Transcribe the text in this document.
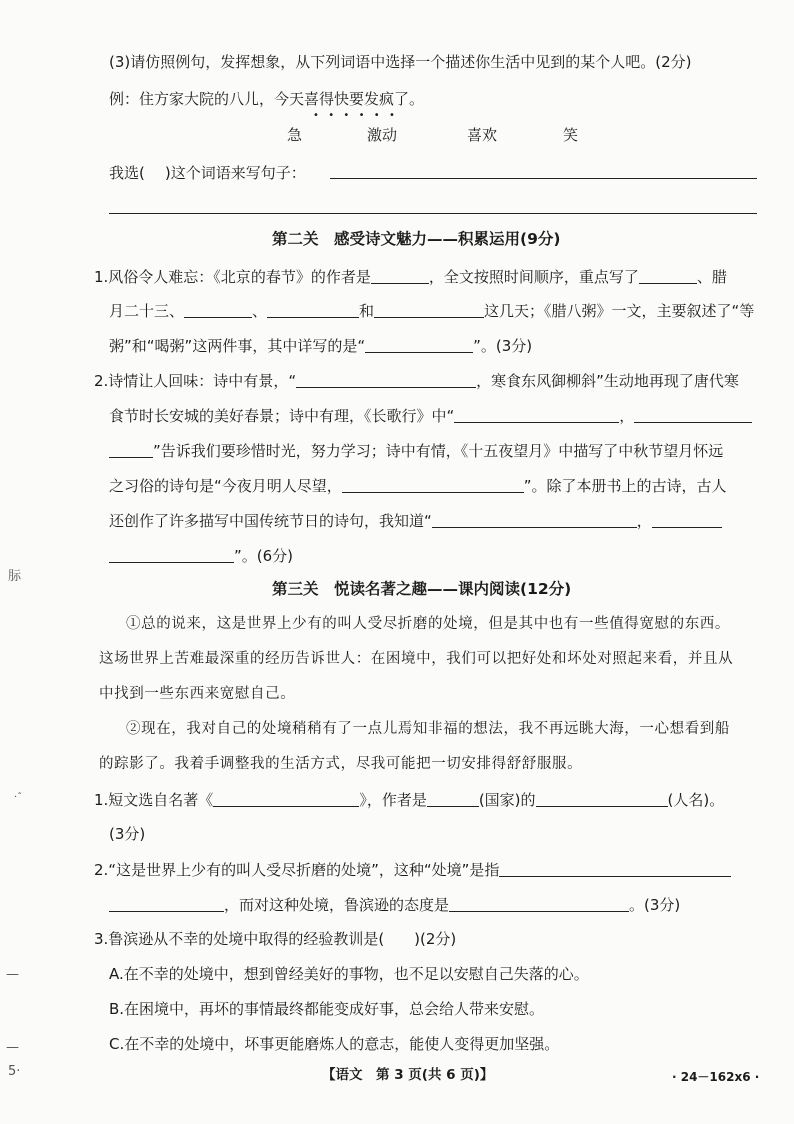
(3)请仿照例句，发挥想象，从下列词语中选择一个描述你生活中见到的某个人吧。(2分)
例：住方家大院的八儿，今天喜得快要发疯了。
••••••
急	激动	喜欢	笑
我选( )这个词语来写句子：
第二关　感受诗文魅力——积累运用(9分)
1.风俗令人难忘：《北京的春节》的作者是	，全文按照时间顺序，重点写了	、腊
月二十三、	、	和	这几天；《腊八粥》一文，主要叙述了“等
粥”和“喝粥”这两件事，其中详写的是“	”。(3分)
2.诗情让人回味：诗中有景，“	，寒食东风御柳斜”生动地再现了唐代寒
食节时长安城的美好春景；诗中有理，《长歌行》中“	，
”告诉我们要珍惜时光，努力学习；诗中有情，《十五夜望月》中描写了中秋节望月怀远
之习俗的诗句是“今夜月明人尽望，	”。除了本册书上的古诗，古人
还创作了许多描写中国传统节日的诗句，我知道“	，
”。(6分)
第三关　悦读名著之趣——课内阅读(12分)
①总的说来，这是世界上少有的叫人受尽折磨的处境，但是其中也有一些值得宽慰的东西。
这场世界上苦难最深重的经历告诉世人：在困境中，我们可以把好处和坏处对照起来看，并且从
中找到一些东西来宽慰自己。
②现在，我对自己的处境稍稍有了一点儿焉知非福的想法，我不再远眺大海，一心想看到船
的踪影了。我着手调整我的生活方式，尽我可能把一切安排得舒舒服服。
1.短文选自名著《	》，作者是	(国家)的	(人名)。
(3分)
2.“这是世界上少有的叫人受尽折磨的处境”，这种“处境”是指
，而对这种处境，鲁滨逊的态度是	。(3分)
3.鲁滨逊从不幸的处境中取得的经验教训是(　　)(2分)
A.在不幸的处境中，想到曾经美好的事物，也不足以安慰自己失落的心。
B.在困境中，再坏的事情最终都能变成好事，总会给人带来安慰。
C.在不幸的处境中，坏事更能磨炼人的意志，能使人变得更加坚强。
【语文　第 3 页(共 6 页)】	· 24－162x6 ·
䏡
·ˆ
—
—
5·
